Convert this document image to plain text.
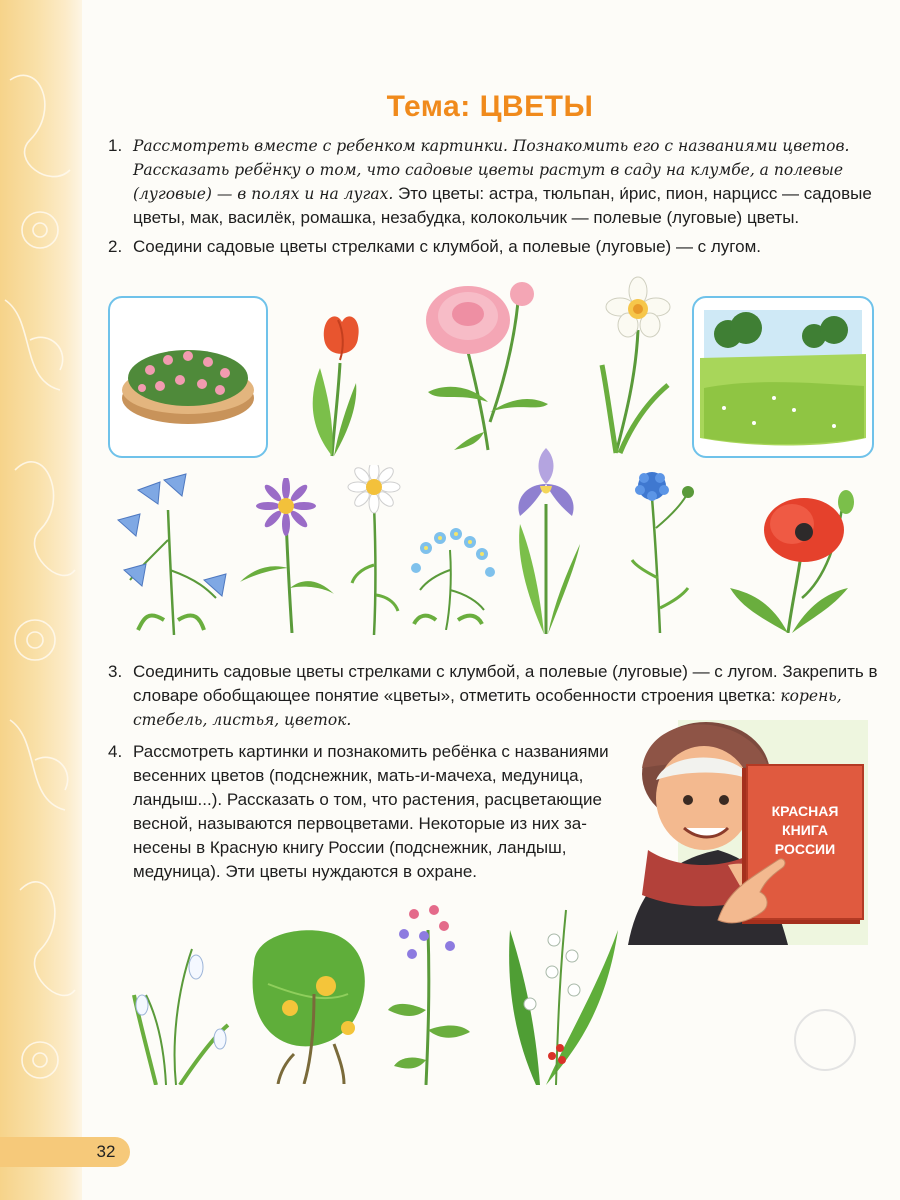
Тема: ЦВЕТЫ
1. Рассмотреть вместе с ребенком картинки. Познакомить его с названиями цветов. Рассказать ребёнку о том, что садовые цветы растут в саду на клумбе, а полевые (луговые) — в полях и на лугах. Это цветы: астра, тюльпан, и́рис, пион, нарцисс — садовые цветы, мак, василёк, ромашка, незабудка, колокольчик — полевые (луговые) цветы.
2. Соедини садовые цветы стрелками с клумбой, а полевые (луговые) — с лугом.
3. Соединить садовые цветы стрелками с клумбой, а полевые (луговые) — с лугом. Закрепить в словаре обобщающее понятие «цветы», отметить особенности строения цветка: корень, стебель, листья, цветок.
4. Рассмотреть картинки и познакомить ребёнка с названиями весенних цветов (подснежник, мать-и-мачеха, медуница, ландыш...). Рассказать о том, что растения, расцветающие весной, называются первоцветами. Некоторые из них занесены в Красную книгу России (подснежник, ландыш, медуница). Эти цветы нуждаются в охране.
КРАСНАЯ
КНИГА
РОССИИ
32
